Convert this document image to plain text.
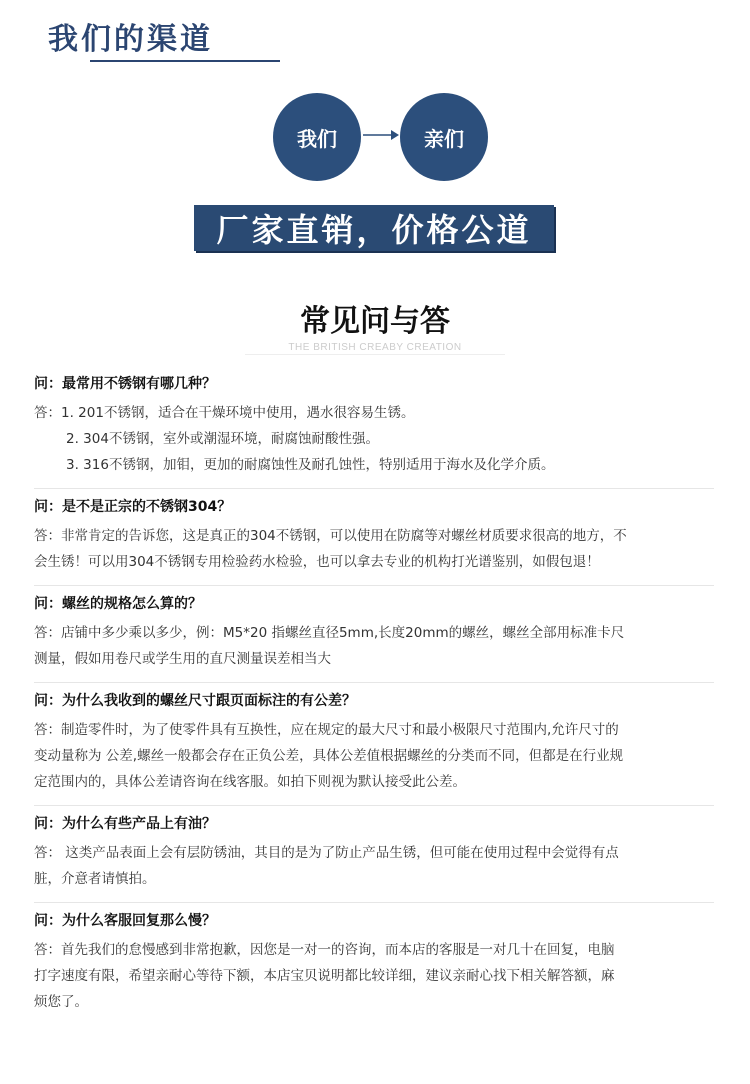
我们的渠道
我们	亲们
厂家直销，价格公道
常见问与答
THE BRITISH CREABY CREATION
问：最常用不锈钢有哪几种？
答：1. 201不锈钢，适合在干燥环境中使用，遇水很容易生锈。
2. 304不锈钢，室外或潮湿环境，耐腐蚀耐酸性强。
3. 316不锈钢，加钼，更加的耐腐蚀性及耐孔蚀性，特别适用于海水及化学介质。
问：是不是正宗的不锈钢304？
答：非常肯定的告诉您，这是真正的304不锈钢，可以使用在防腐等对螺丝材质要求很高的地方，不
会生锈！可以用304不锈钢专用检验药水检验，也可以拿去专业的机构打光谱鉴别，如假包退！
问：螺丝的规格怎么算的？
答：店铺中多少乘以多少，例：M5*20 指螺丝直径5mm,长度20mm的螺丝，螺丝全部用标准卡尺
测量，假如用卷尺或学生用的直尺测量误差相当大
问：为什么我收到的螺丝尺寸跟页面标注的有公差？
答：制造零件时，为了使零件具有互换性，应在规定的最大尺寸和最小极限尺寸范围内,允许尺寸的
变动量称为 公差,螺丝一般都会存在正负公差，具体公差值根据螺丝的分类而不同，但都是在行业规
定范围内的，具体公差请咨询在线客服。如拍下则视为默认接受此公差。
问：为什么有些产品上有油？
答： 这类产品表面上会有层防锈油，其目的是为了防止产品生锈，但可能在使用过程中会觉得有点
脏，介意者请慎拍。
问：为什么客服回复那么慢？
答：首先我们的怠慢感到非常抱歉，因您是一对一的咨询，而本店的客服是一对几十在回复，电脑
打字速度有限，希望亲耐心等待下额，本店宝贝说明都比较详细，建议亲耐心找下相关解答额，麻
烦您了。
